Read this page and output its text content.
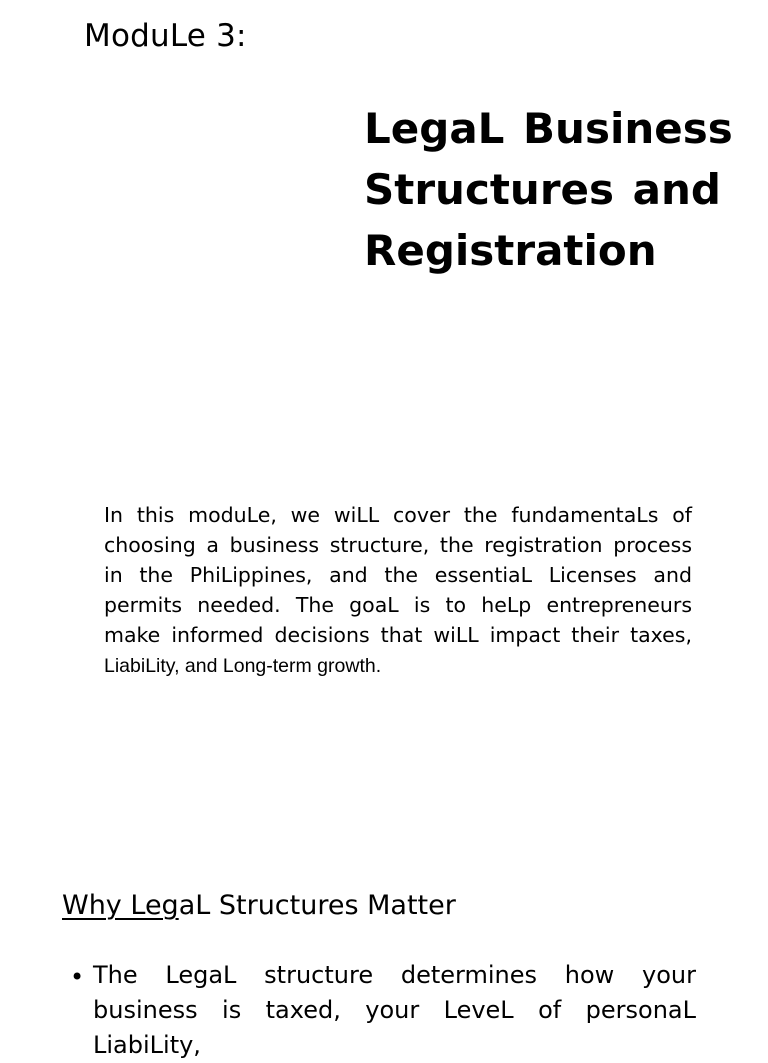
ModuLe 3:
LegaL Business
Structures and
Registration

In this moduLe, we wiLL cover the fundamentaLs of choosing a business structure, the registration process in the PhiLippines, and the essentiaL Licenses and permits needed. The goaL is to heLp entrepreneurs make informed decisions that wiLL impact their taxes, LiabiLity, and Long-term growth.

Why LegaL Structures Matter
• The LegaL structure determines how your business is taxed, your LeveL of personaL LiabiLity,
